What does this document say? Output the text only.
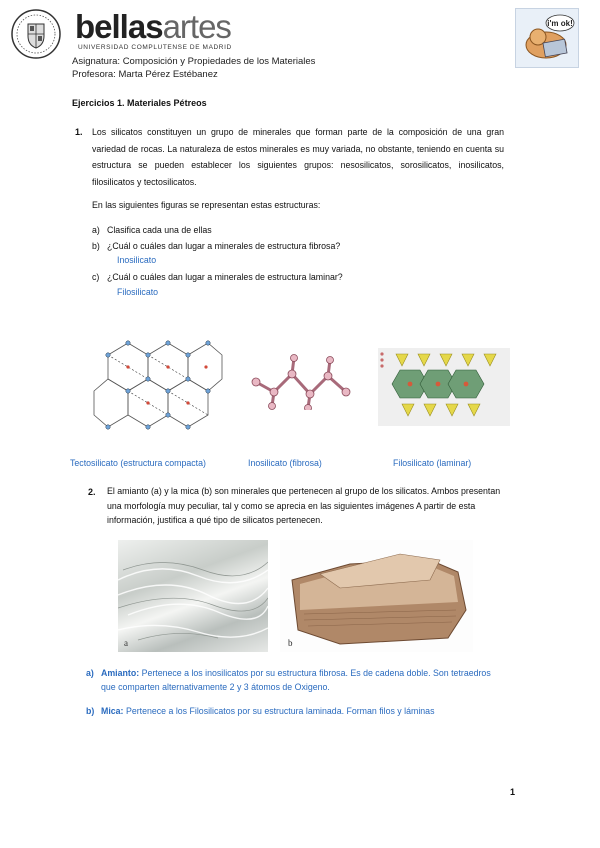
bellasartes
UNIVERSIDAD COMPLUTENSE DE MADRID
Asignatura: Composición y Propiedades de los Materiales
Profesora: Marta Pérez Estébanez
i'm ok!
Ejercicios 1. Materiales Pétreos
1. Los silicatos constituyen un grupo de minerales que forman parte de la composición de una gran variedad de rocas. La naturaleza de estos minerales es muy variada, no obstante, teniendo en cuenta su estructura se pueden establecer los siguientes grupos: nesosilicatos, sorosilicatos, inosilicatos, filosilicatos y tectosilicatos.
En las siguientes figuras se representan estas estructuras:
a) Clasifica cada una de ellas
b) ¿Cuál o cuáles dan lugar a minerales de estructura fibrosa?
Inosilicato
c) ¿Cuál o cuáles dan lugar a minerales de estructura laminar?
Filosilicato
Tectosilicato (estructura compacta)	Inosilicato (fibrosa)	Filosilicato (laminar)
2. El amianto (a) y la mica (b) son minerales que pertenecen al grupo de los silicatos. Ambos presentan una morfología muy peculiar, tal y como se aprecia en las siguientes imágenes A partir de esta información, justifica a qué tipo de silicatos pertenecen.
a	b
a) Amianto: Pertenece a los inosilicatos por su estructura fibrosa. Es de cadena doble. Son tetraedros que comparten alternativamente 2 y 3 átomos de Oxigeno.
b) Mica: Pertenece a los Filosilicatos por su estructura laminada. Forman filos y láminas
1
